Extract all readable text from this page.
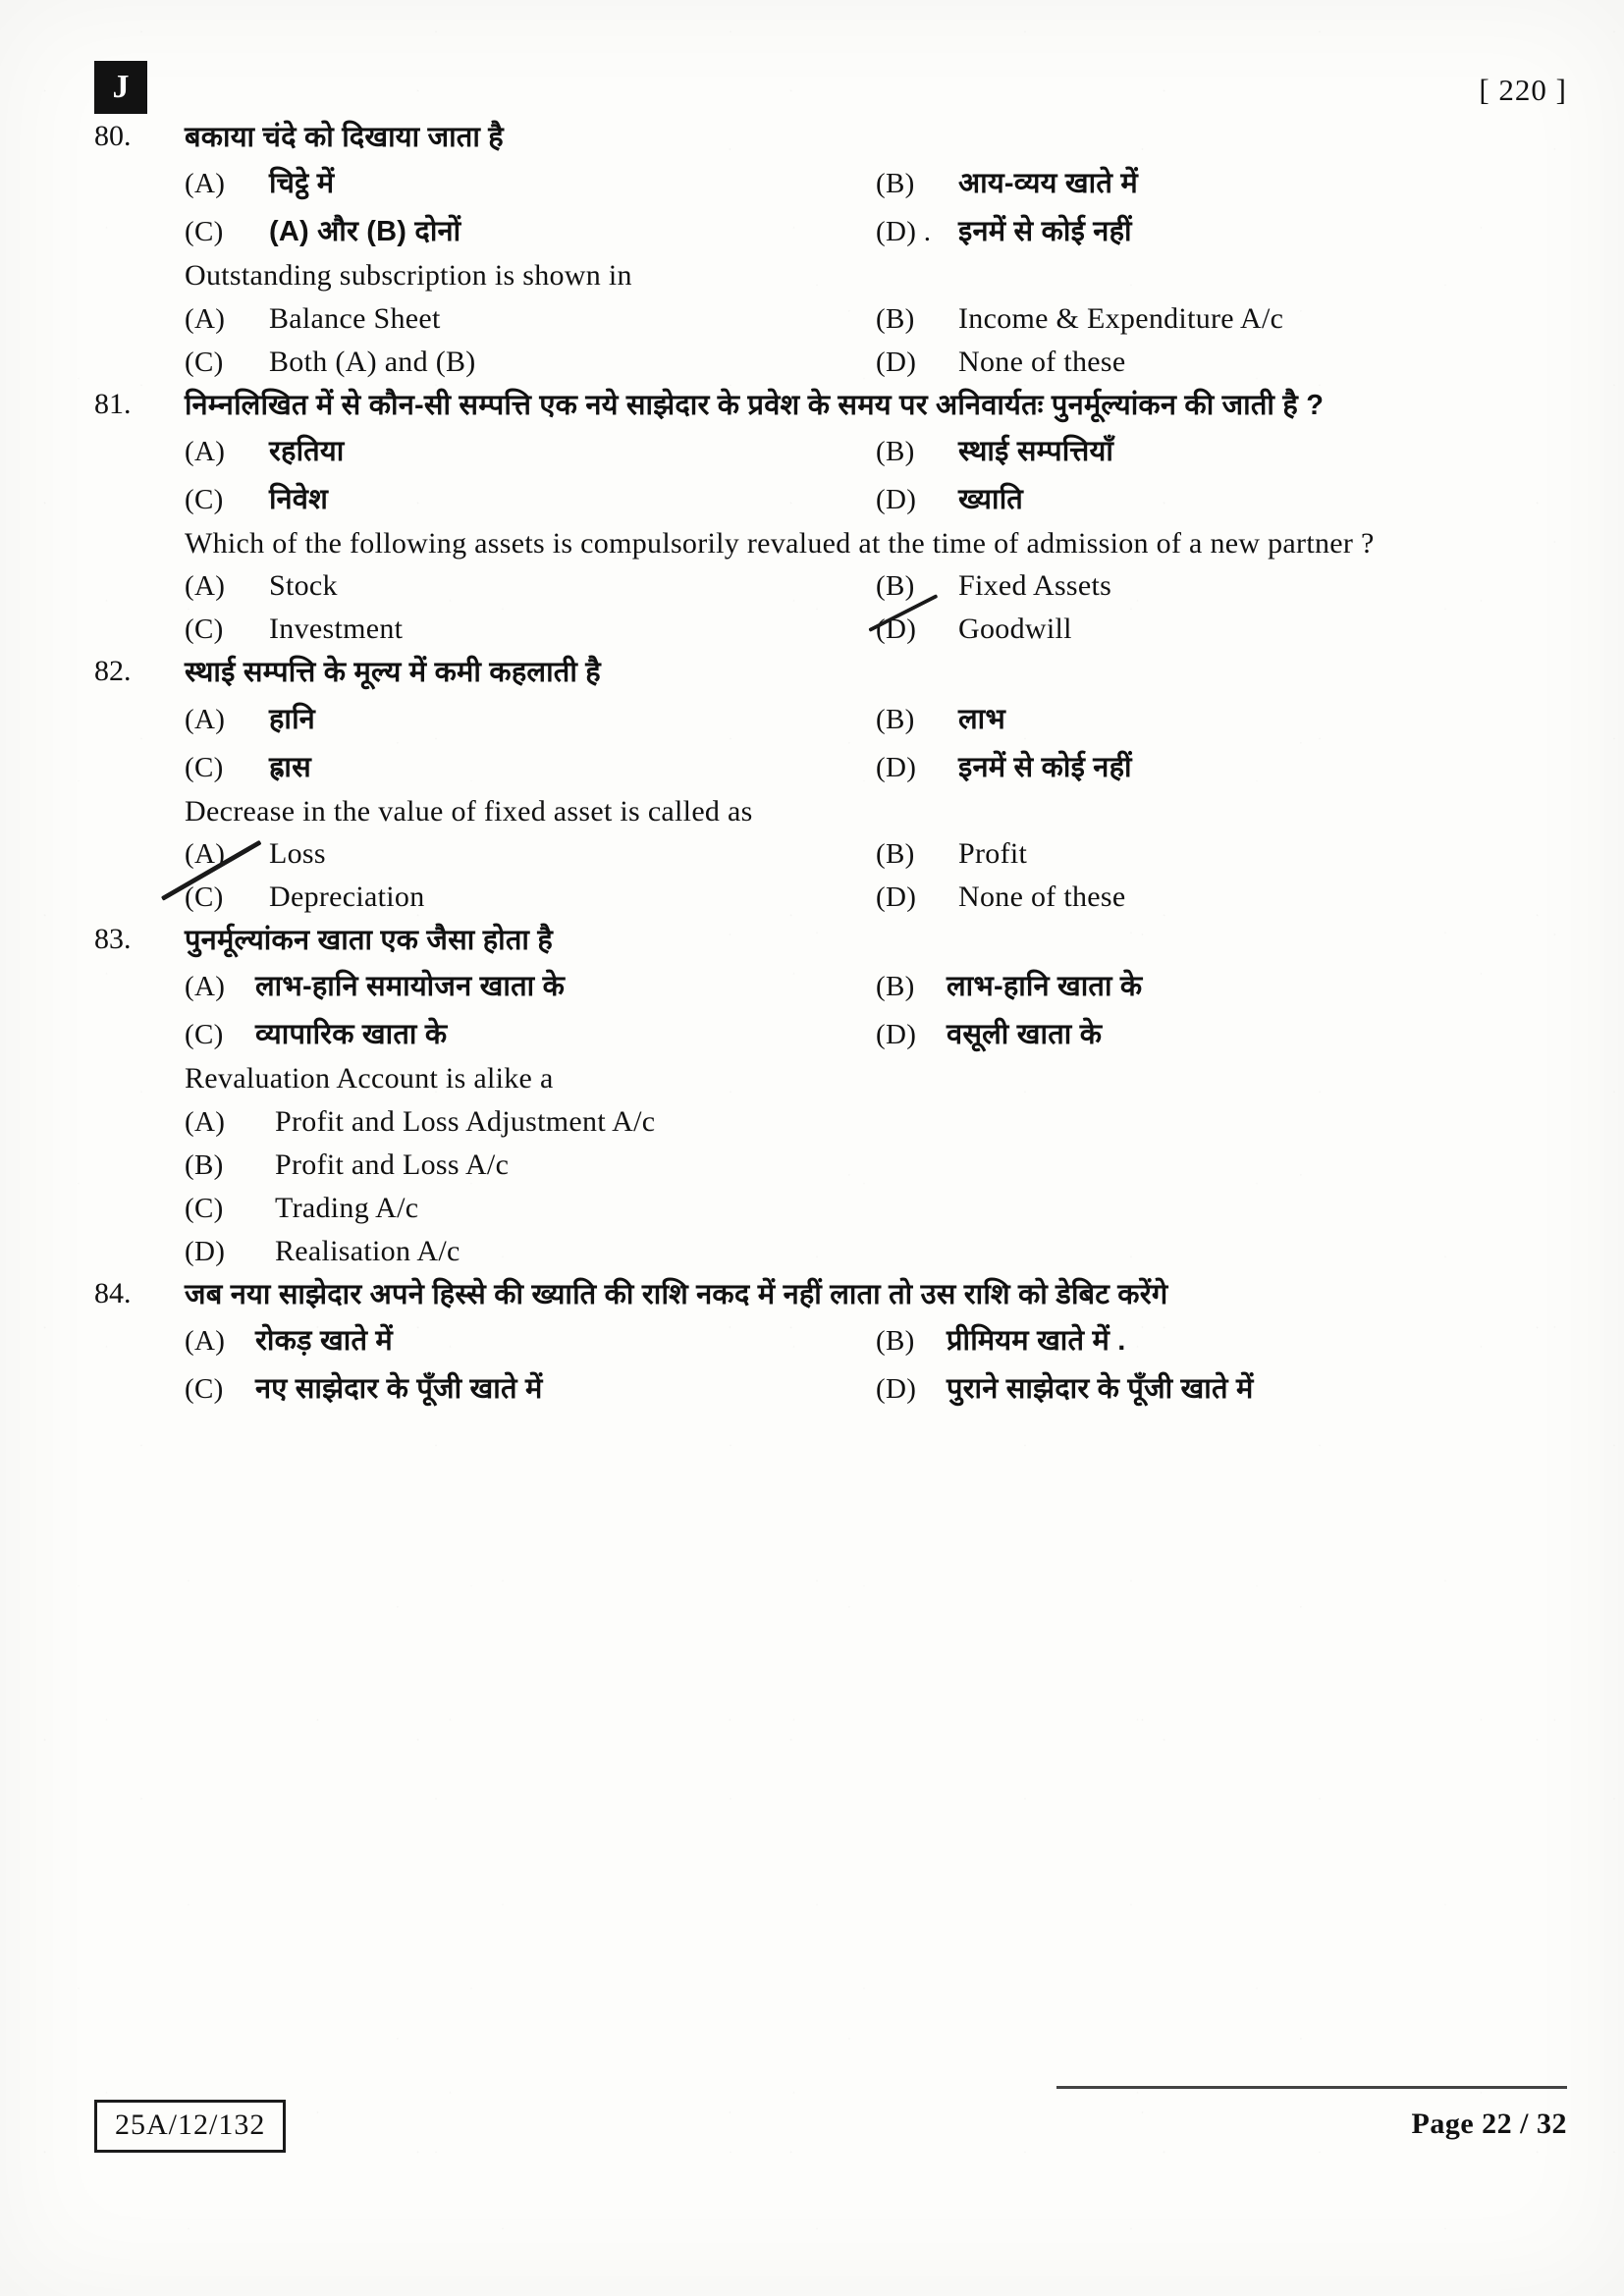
J	[ 220 ]
80.	बकाया चंदे को दिखाया जाता है
(A)	चिट्ठे में	(B)	आय-व्यय खाते में
(C)	(A) और (B) दोनों	(D) . इनमें से कोई नहीं
Outstanding subscription is shown in
(A)	Balance Sheet	(B)	Income & Expenditure A/c
(C)	Both (A) and (B)	(D)	None of these
81.	निम्नलिखित में से कौन-सी सम्पत्ति एक नये साझेदार के प्रवेश के समय पर अनिवार्यतः पुनर्मूल्यांकन की जाती है ?
(A)	रहतिया	(B)	स्थाई सम्पत्तियाँ
(C)	निवेश	(D)	ख्याति
Which of the following assets is compulsorily revalued at the time of admission of a new partner ?
(A)	Stock	(B)	Fixed Assets
(C)	Investment	(D)	Goodwill
82.	स्थाई सम्पत्ति के मूल्य में कमी कहलाती है
(A)	हानि	(B)	लाभ
(C)	ह्रास	(D)	इनमें से कोई नहीं
Decrease in the value of fixed asset is called as
(A)	Loss	(B)	Profit
(C)	Depreciation	(D)	None of these
83.	पुनर्मूल्यांकन खाता एक जैसा होता है
(A)	लाभ-हानि समायोजन खाता के	(B)	लाभ-हानि खाता के
(C)	व्यापारिक खाता के	(D)	वसूली खाता के
Revaluation Account is alike a
(A)	Profit and Loss Adjustment A/c
(B)	Profit and Loss A/c
(C)	Trading A/c
(D)	Realisation A/c
84.	जब नया साझेदार अपने हिस्से की ख्याति की राशि नकद में नहीं लाता तो उस राशि को डेबिट करेंगे
(A)	रोकड़ खाते में	(B)	प्रीमियम खाते में .
(C)	नए साझेदार के पूँजी खाते में	(D)	पुराने साझेदार के पूँजी खाते में
25A/12/132	Page 22 / 32
